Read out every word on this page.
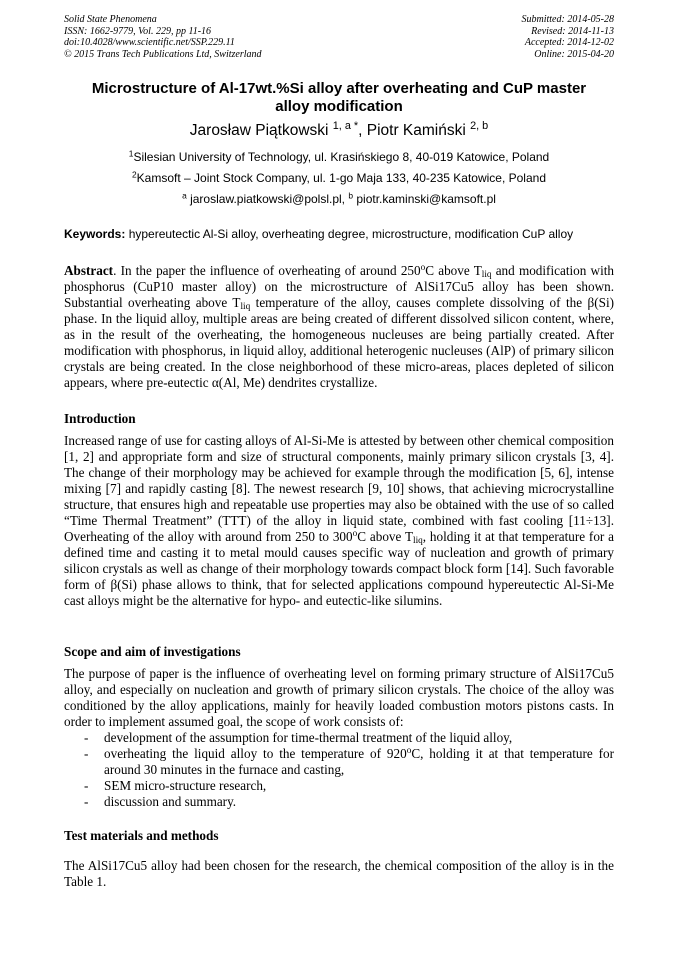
Solid State Phenomena
ISSN: 1662-9779, Vol. 229, pp 11-16
doi:10.4028/www.scientific.net/SSP.229.11
© 2015 Trans Tech Publications Ltd, Switzerland
Submitted: 2014-05-28
Revised: 2014-11-13
Accepted: 2014-12-02
Online: 2015-04-20
Microstructure of Al-17wt.%Si alloy after overheating and CuP master
alloy modification
Jarosław Piątkowski $^{1, a *}$, Piotr Kamiński $^{2, b}$
$^1$Silesian University of Technology, ul. Krasińskiego 8, 40-019 Katowice, Poland
$^2$Kamsoft – Joint Stock Company, ul. 1-go Maja 133, 40-235 Katowice, Poland
$^a$ jaroslaw.piatkowski@polsl.pl, $^b$ piotr.kaminski@kamsoft.pl
Keywords: hypereutectic Al-Si alloy, overheating degree, microstructure, modification CuP alloy
Abstract. In the paper the influence of overheating of around 250$^o$C above $T_{liq}$ and modification with phosphorus (CuP10 master alloy) on the microstructure of AlSi17Cu5 alloy has been shown. Substantial overheating above $T_{liq}$ temperature of the alloy, causes complete dissolving of the β(Si) phase. In the liquid alloy, multiple areas are being created of different dissolved silicon content, where, as in the result of the overheating, the homogeneous nucleuses are being partially created. After modification with phosphorus, in liquid alloy, additional heterogenic nucleuses (AlP) of primary silicon crystals are being created. In the close neighborhood of these micro-areas, places depleted of silicon appears, where pre-eutectic α(Al, Me) dendrites crystallize.
Introduction
Increased range of use for casting alloys of Al-Si-Me is attested by between other chemical composition [1, 2] and appropriate form and size of structural components, mainly primary silicon crystals [3, 4]. The change of their morphology may be achieved for example through the modification [5, 6], intense mixing [7] and rapidly casting [8]. The newest research [9, 10] shows, that achieving microcrystalline structure, that ensures high and repeatable use properties may also be obtained with the use of so called “Time Thermal Treatment” (TTT) of the alloy in liquid state, combined with fast cooling [11÷13]. Overheating of the alloy with around from 250 to 300$^o$C above $T_{liq}$, holding it at that temperature for a defined time and casting it to metal mould causes specific way of nucleation and growth of primary silicon crystals as well as change of their morphology towards compact block form [14]. Such favorable form of β(Si) phase allows to think, that for selected applications compound hypereutectic Al-Si-Me cast alloys might be the alternative for hypo- and eutectic-like silumins.
Scope and aim of investigations
The purpose of paper is the influence of overheating level on forming primary structure of AlSi17Cu5 alloy, and especially on nucleation and growth of primary silicon crystals. The choice of the alloy was conditioned by the alloy applications, mainly for heavily loaded combustion motors pistons casts. In order to implement assumed goal, the scope of work consists of:
- development of the assumption for time-thermal treatment of the liquid alloy,
- overheating the liquid alloy to the temperature of 920$^o$C, holding it at that temperature for around 30 minutes in the furnace and casting,
- SEM micro-structure research,
- discussion and summary.
Test materials and methods
The AlSi17Cu5 alloy had been chosen for the research, the chemical composition of the alloy is in the Table 1.
